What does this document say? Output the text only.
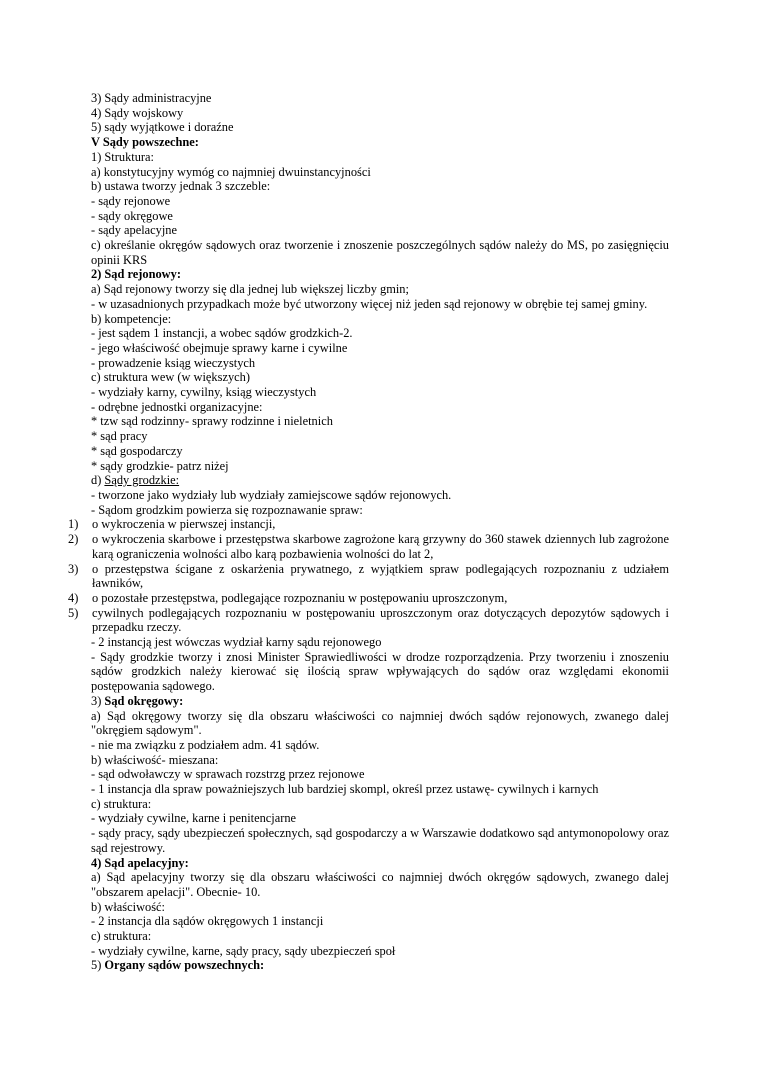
3) Sądy administracyjne
4) Sądy wojskowy
5) sądy wyjątkowe i doraźne
V Sądy powszechne:
1) Struktura:
a) konstytucyjny wymóg co najmniej dwuinstancyjności
b) ustawa tworzy jednak 3 szczeble:
- sądy rejonowe
- sądy okręgowe
- sądy apelacyjne
c) określanie okręgów sądowych oraz tworzenie i znoszenie poszczególnych sądów należy do MS, po zasięgnięciu opinii KRS
2) Sąd rejonowy:
a) Sąd rejonowy tworzy się dla jednej lub większej liczby gmin;
- w uzasadnionych przypadkach może być utworzony więcej niż jeden sąd rejonowy w obrębie tej samej gminy.
b) kompetencje:
- jest sądem 1 instancji, a wobec sądów grodzkich-2.
- jego właściwość obejmuje sprawy karne i cywilne
- prowadzenie ksiąg wieczystych
c) struktura wew (w większych)
- wydziały karny, cywilny, ksiąg wieczystych
- odrębne jednostki organizacyjne:
* tzw sąd rodzinny- sprawy rodzinne i nieletnich
* sąd pracy
* sąd gospodarczy
* sądy grodzkie- patrz niżej
d) Sądy grodzkie:
- tworzone jako wydziały lub wydziały zamiejscowe sądów rejonowych.
- Sądom grodzkim powierza się rozpoznawanie spraw:
1) o wykroczenia w pierwszej instancji,
2) o wykroczenia skarbowe i przestępstwa skarbowe zagrożone karą grzywny do 360 stawek dziennych lub zagrożone karą ograniczenia wolności albo karą pozbawienia wolności do lat 2,
3) o przestępstwa ścigane z oskarżenia prywatnego, z wyjątkiem spraw podlegających rozpoznaniu z udziałem ławników,
4) o pozostałe przestępstwa, podlegające rozpoznaniu w postępowaniu uproszczonym,
5) cywilnych podlegających rozpoznaniu w postępowaniu uproszczonym oraz dotyczących depozytów sądowych i przepadku rzeczy.
- 2 instancją jest wówczas wydział karny sądu rejonowego
- Sądy grodzkie tworzy i znosi Minister Sprawiedliwości w drodze rozporządzenia. Przy tworzeniu i znoszeniu sądów grodzkich należy kierować się ilością spraw wpływających do sądów oraz względami ekonomii postępowania sądowego.
3) Sąd okręgowy:
a) Sąd okręgowy tworzy się dla obszaru właściwości co najmniej dwóch sądów rejonowych, zwanego dalej "okręgiem sądowym".
- nie ma związku z podziałem adm. 41 sądów.
b) właściwość- mieszana:
- sąd odwoławczy w sprawach rozstrzg przez rejonowe
- 1 instancja dla spraw poważniejszych lub bardziej skompl, określ przez ustawę- cywilnych i karnych
c) struktura:
- wydziały cywilne, karne i penitencjarne
- sądy pracy, sądy ubezpieczeń społecznych, sąd gospodarczy a w Warszawie dodatkowo sąd antymonopolowy oraz sąd rejestrowy.
4) Sąd apelacyjny:
a) Sąd apelacyjny tworzy się dla obszaru właściwości co najmniej dwóch okręgów sądowych, zwanego dalej "obszarem apelacji". Obecnie- 10.
b) właściwość:
- 2 instancja dla sądów okręgowych 1 instancji
c) struktura:
- wydziały cywilne, karne, sądy pracy, sądy ubezpieczeń społ
5) Organy sądów powszechnych:
